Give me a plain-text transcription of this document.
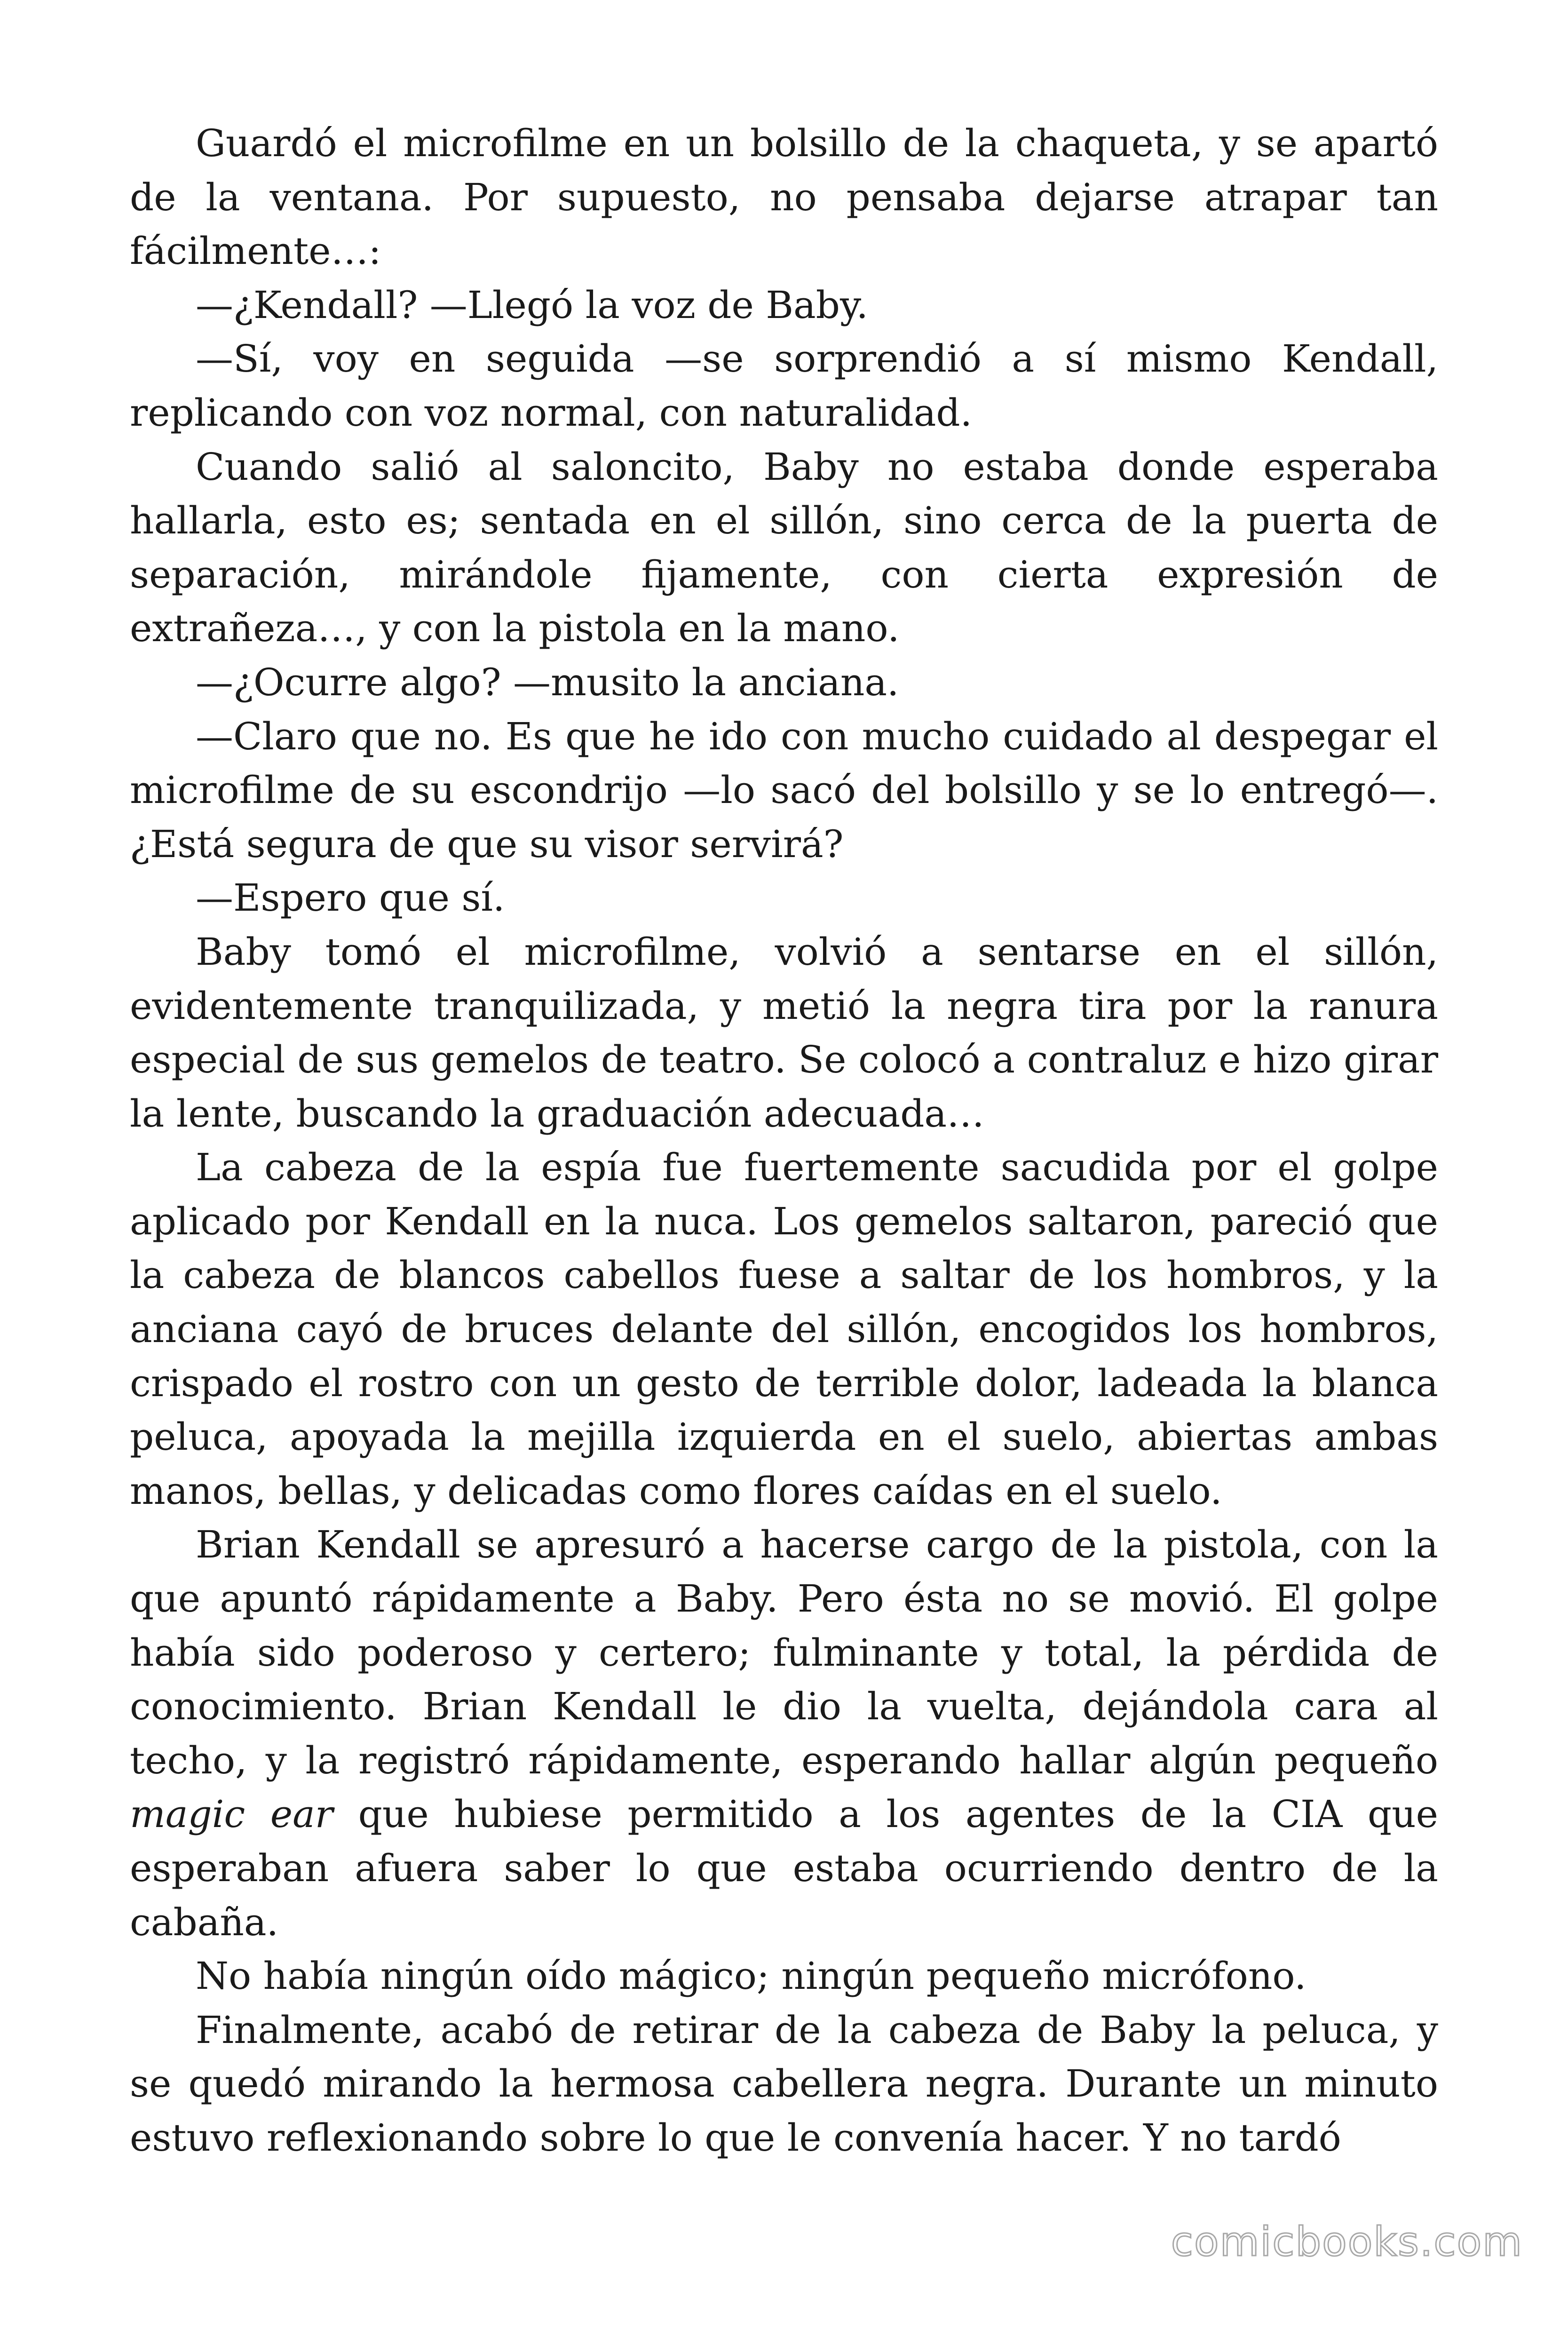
Guardó el microfilme en un bolsillo de la chaqueta, y se apartó de la ventana. Por supuesto, no pensaba dejarse atrapar tan fácilmente…:

—¿Kendall? —Llegó la voz de Baby.

—Sí, voy en seguida —se sorprendió a sí mismo Kendall, replicando con voz normal, con naturalidad.

Cuando salió al saloncito, Baby no estaba donde esperaba hallarla, esto es; sentada en el sillón, sino cerca de la puerta de separación, mirándole fijamente, con cierta expresión de extrañeza…, y con la pistola en la mano.

—¿Ocurre algo? —musito la anciana.

—Claro que no. Es que he ido con mucho cuidado al despegar el microfilme de su escondrijo —lo sacó del bolsillo y se lo entregó—. ¿Está segura de que su visor servirá?

—Espero que sí.

Baby tomó el microfilme, volvió a sentarse en el sillón, evidentemente tranquilizada, y metió la negra tira por la ranura especial de sus gemelos de teatro. Se colocó a contraluz e hizo girar la lente, buscando la graduación adecuada…

La cabeza de la espía fue fuertemente sacudida por el golpe aplicado por Kendall en la nuca. Los gemelos saltaron, pareció que la cabeza de blancos cabellos fuese a saltar de los hombros, y la anciana cayó de bruces delante del sillón, encogidos los hombros, crispado el rostro con un gesto de terrible dolor, ladeada la blanca peluca, apoyada la mejilla izquierda en el suelo, abiertas ambas manos, bellas, y delicadas como flores caídas en el suelo.

Brian Kendall se apresuró a hacerse cargo de la pistola, con la que apuntó rápidamente a Baby. Pero ésta no se movió. El golpe había sido poderoso y certero; fulminante y total, la pérdida de conocimiento. Brian Kendall le dio la vuelta, dejándola cara al techo, y la registró rápidamente, esperando hallar algún pequeño magic ear que hubiese permitido a los agentes de la CIA que esperaban afuera saber lo que estaba ocurriendo dentro de la cabaña.

No había ningún oído mágico; ningún pequeño micrófono.

Finalmente, acabó de retirar de la cabeza de Baby la peluca, y se quedó mirando la hermosa cabellera negra. Durante un minuto estuvo reflexionando sobre lo que le convenía hacer. Y no tardó

comicbooks.com
